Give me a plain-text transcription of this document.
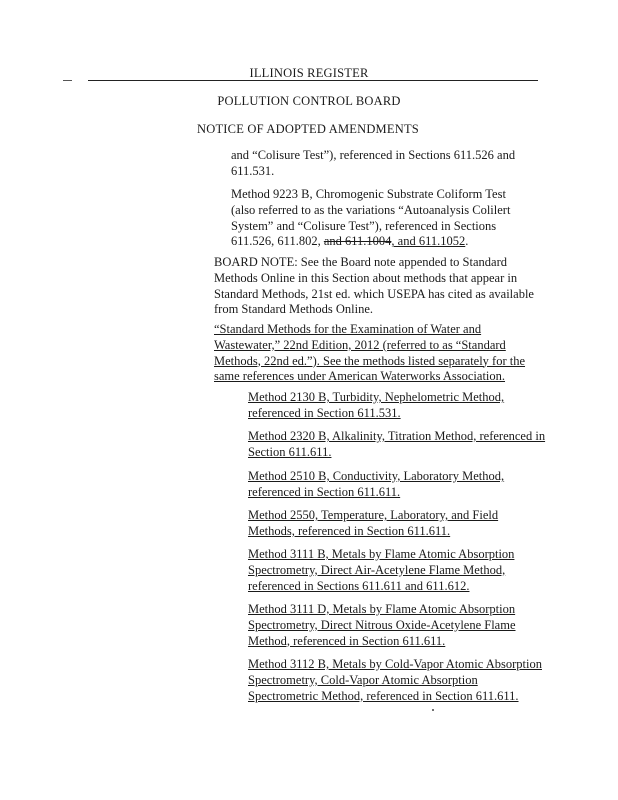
ILLINOIS REGISTER
POLLUTION CONTROL BOARD
NOTICE OF ADOPTED AMENDMENTS
and “Colisure Test”), referenced in Sections 611.526 and
611.531.
Method 9223 B, Chromogenic Substrate Coliform Test
(also referred to as the variations “Autoanalysis Colilert
System” and “Colisure Test”), referenced in Sections
611.526, 611.802, and 611.1004, and 611.1052.
BOARD NOTE: See the Board note appended to Standard
Methods Online in this Section about methods that appear in
Standard Methods, 21st ed. which USEPA has cited as available
from Standard Methods Online.
“Standard Methods for the Examination of Water and
Wastewater,” 22nd Edition, 2012 (referred to as “Standard
Methods, 22nd ed.”). See the methods listed separately for the
same references under American Waterworks Association.
Method 2130 B, Turbidity, Nephelometric Method,
referenced in Section 611.531.
Method 2320 B, Alkalinity, Titration Method, referenced in
Section 611.611.
Method 2510 B, Conductivity, Laboratory Method,
referenced in Section 611.611.
Method 2550, Temperature, Laboratory, and Field
Methods, referenced in Section 611.611.
Method 3111 B, Metals by Flame Atomic Absorption
Spectrometry, Direct Air-Acetylene Flame Method,
referenced in Sections 611.611 and 611.612.
Method 3111 D, Metals by Flame Atomic Absorption
Spectrometry, Direct Nitrous Oxide-Acetylene Flame
Method, referenced in Section 611.611.
Method 3112 B, Metals by Cold-Vapor Atomic Absorption
Spectrometry, Cold-Vapor Atomic Absorption
Spectrometric Method, referenced in Section 611.611.
